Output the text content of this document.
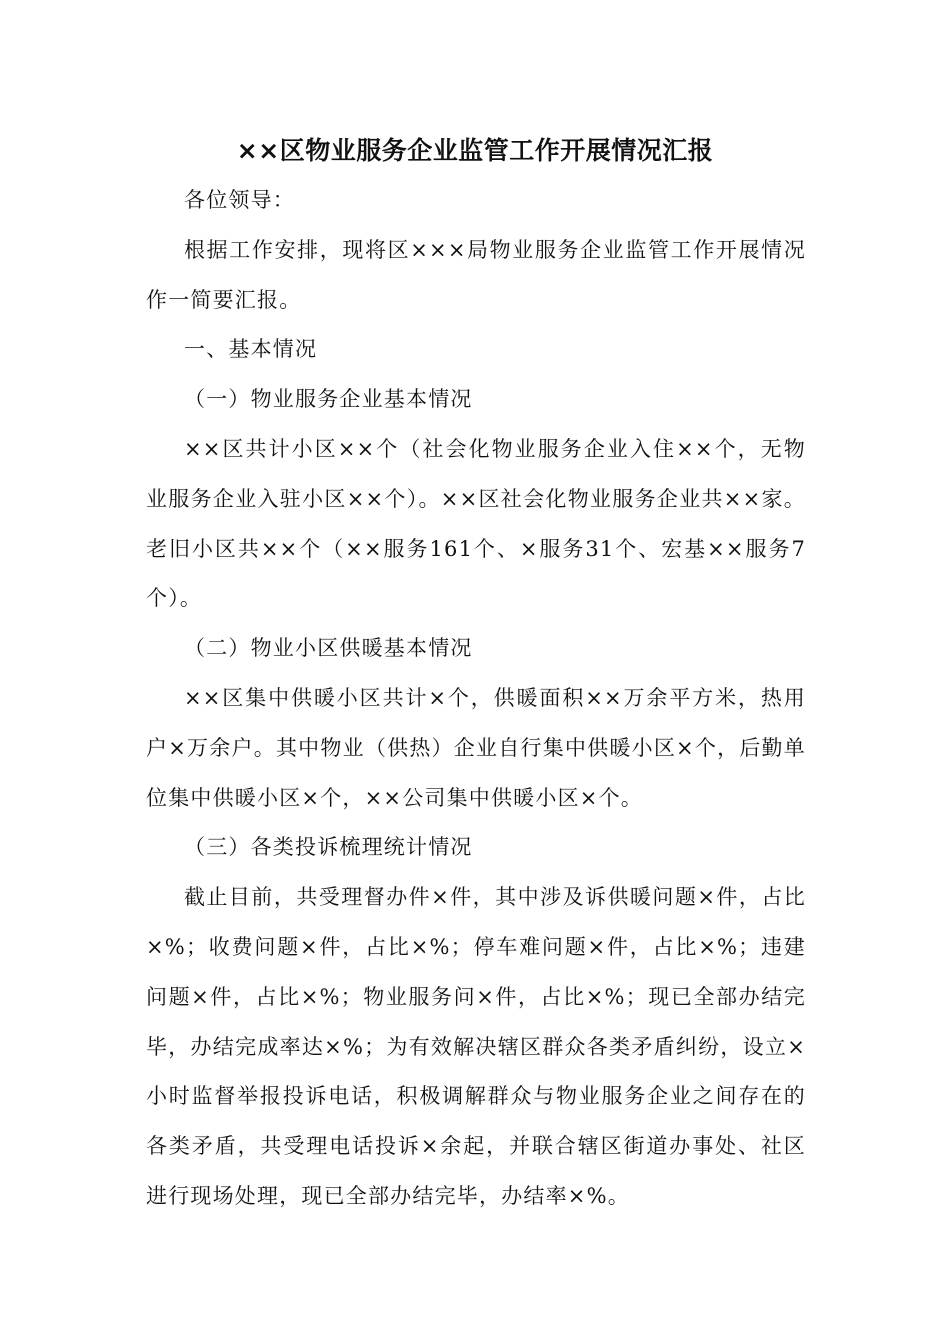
××区物业服务企业监管工作开展情况汇报

各位领导：

根据工作安排，现将区×××局物业服务企业监管工作开展情况作一简要汇报。

一、基本情况

（一）物业服务企业基本情况

××区共计小区××个（社会化物业服务企业入住××个，无物业服务企业入驻小区××个）。××区社会化物业服务企业共××家。老旧小区共××个（××服务161个、×服务31个、宏基××服务7个）。

（二）物业小区供暖基本情况

××区集中供暖小区共计×个，供暖面积××万余平方米，热用户×万余户。其中物业（供热）企业自行集中供暖小区×个，后勤单位集中供暖小区×个，××公司集中供暖小区×个。

（三）各类投诉梳理统计情况

截止目前，共受理督办件×件，其中涉及诉供暖问题×件，占比×%；收费问题×件，占比×%；停车难问题×件，占比×%；违建问题×件，占比×%；物业服务问×件，占比×%；现已全部办结完毕，办结完成率达×%；为有效解决辖区群众各类矛盾纠纷，设立×小时监督举报投诉电话，积极调解群众与物业服务企业之间存在的各类矛盾，共受理电话投诉×余起，并联合辖区街道办事处、社区进行现场处理，现已全部办结完毕，办结率×%。
